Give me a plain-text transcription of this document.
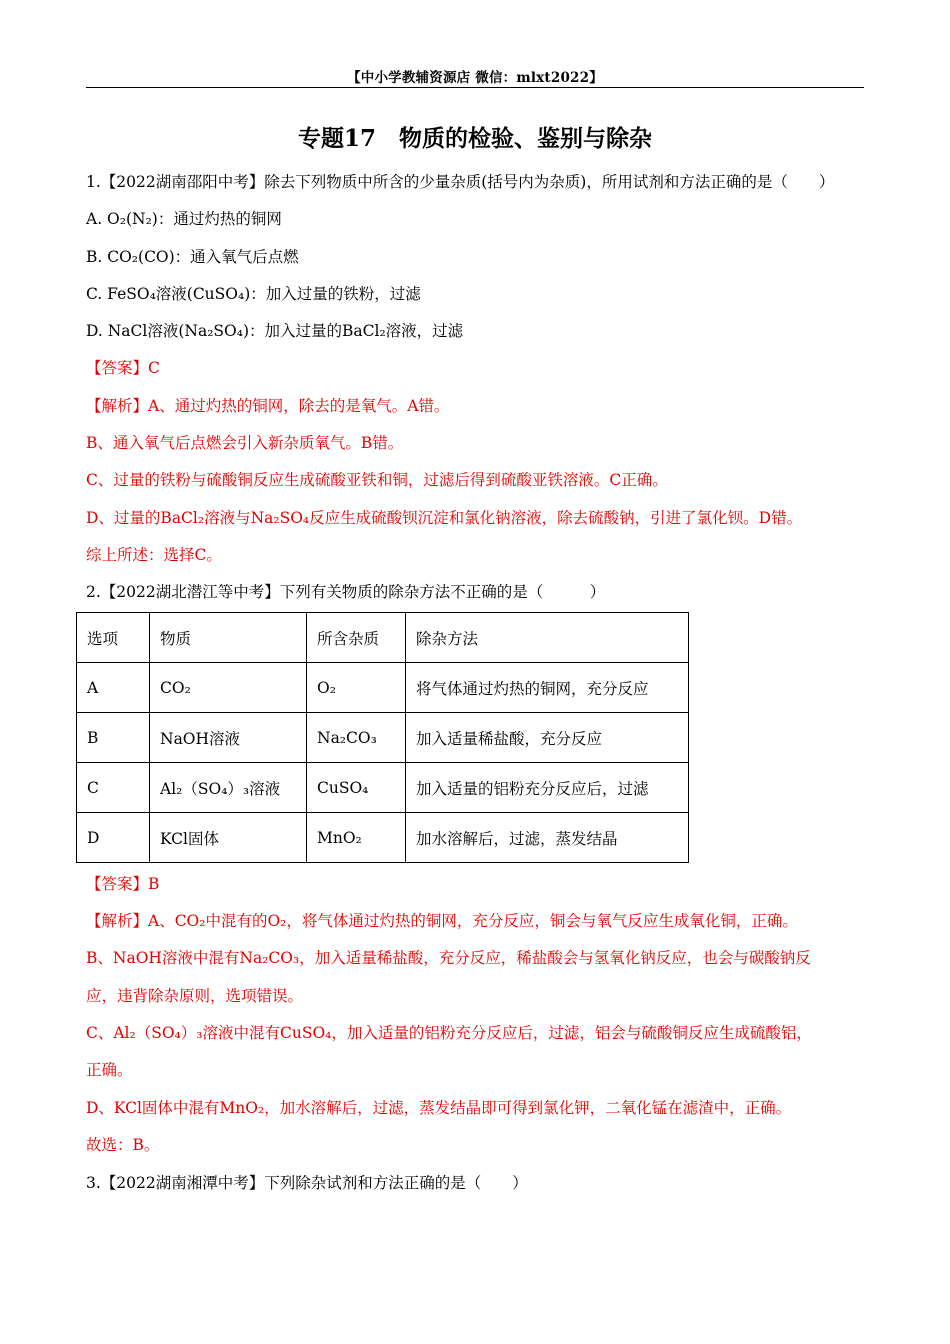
【中小学教辅资源店 微信：mlxt2022】
专题17　物质的检验、鉴别与除杂
1.【2022湖南邵阳中考】除去下列物质中所含的少量杂质(括号内为杂质)，所用试剂和方法正确的是（　　）
A. O₂(N₂)：通过灼热的铜网
B. CO₂(CO)：通入氧气后点燃
C. FeSO₄溶液(CuSO₄)：加入过量的铁粉，过滤
D. NaCl溶液(Na₂SO₄)：加入过量的BaCl₂溶液，过滤
【答案】C
【解析】A、通过灼热的铜网，除去的是氧气。A错。
B、通入氧气后点燃会引入新杂质氧气。B错。
C、过量的铁粉与硫酸铜反应生成硫酸亚铁和铜，过滤后得到硫酸亚铁溶液。C正确。
D、过量的BaCl₂溶液与Na₂SO₄反应生成硫酸钡沉淀和氯化钠溶液，除去硫酸钠，引进了氯化钡。D错。
综上所述：选择C。
2.【2022湖北潜江等中考】下列有关物质的除杂方法不正确的是（　　　）
选项	物质	所含杂质	除杂方法
A	CO₂	O₂	将气体通过灼热的铜网，充分反应
B	NaOH溶液	Na₂CO₃	加入适量稀盐酸，充分反应
C	Al₂（SO₄）₃溶液	CuSO₄	加入适量的铝粉充分反应后，过滤
D	KCl固体	MnO₂	加水溶解后，过滤，蒸发结晶
【答案】B
【解析】A、CO₂中混有的O₂，将气体通过灼热的铜网，充分反应，铜会与氧气反应生成氧化铜，正确。
B、NaOH溶液中混有Na₂CO₃，加入适量稀盐酸，充分反应，稀盐酸会与氢氧化钠反应，也会与碳酸钠反
应，违背除杂原则，选项错误。
C、Al₂（SO₄）₃溶液中混有CuSO₄，加入适量的铝粉充分反应后，过滤，铝会与硫酸铜反应生成硫酸铝，
正确。
D、KCl固体中混有MnO₂，加水溶解后，过滤，蒸发结晶即可得到氯化钾，二氧化锰在滤渣中，正确。
故选：B。
3.【2022湖南湘潭中考】下列除杂试剂和方法正确的是（　　）
